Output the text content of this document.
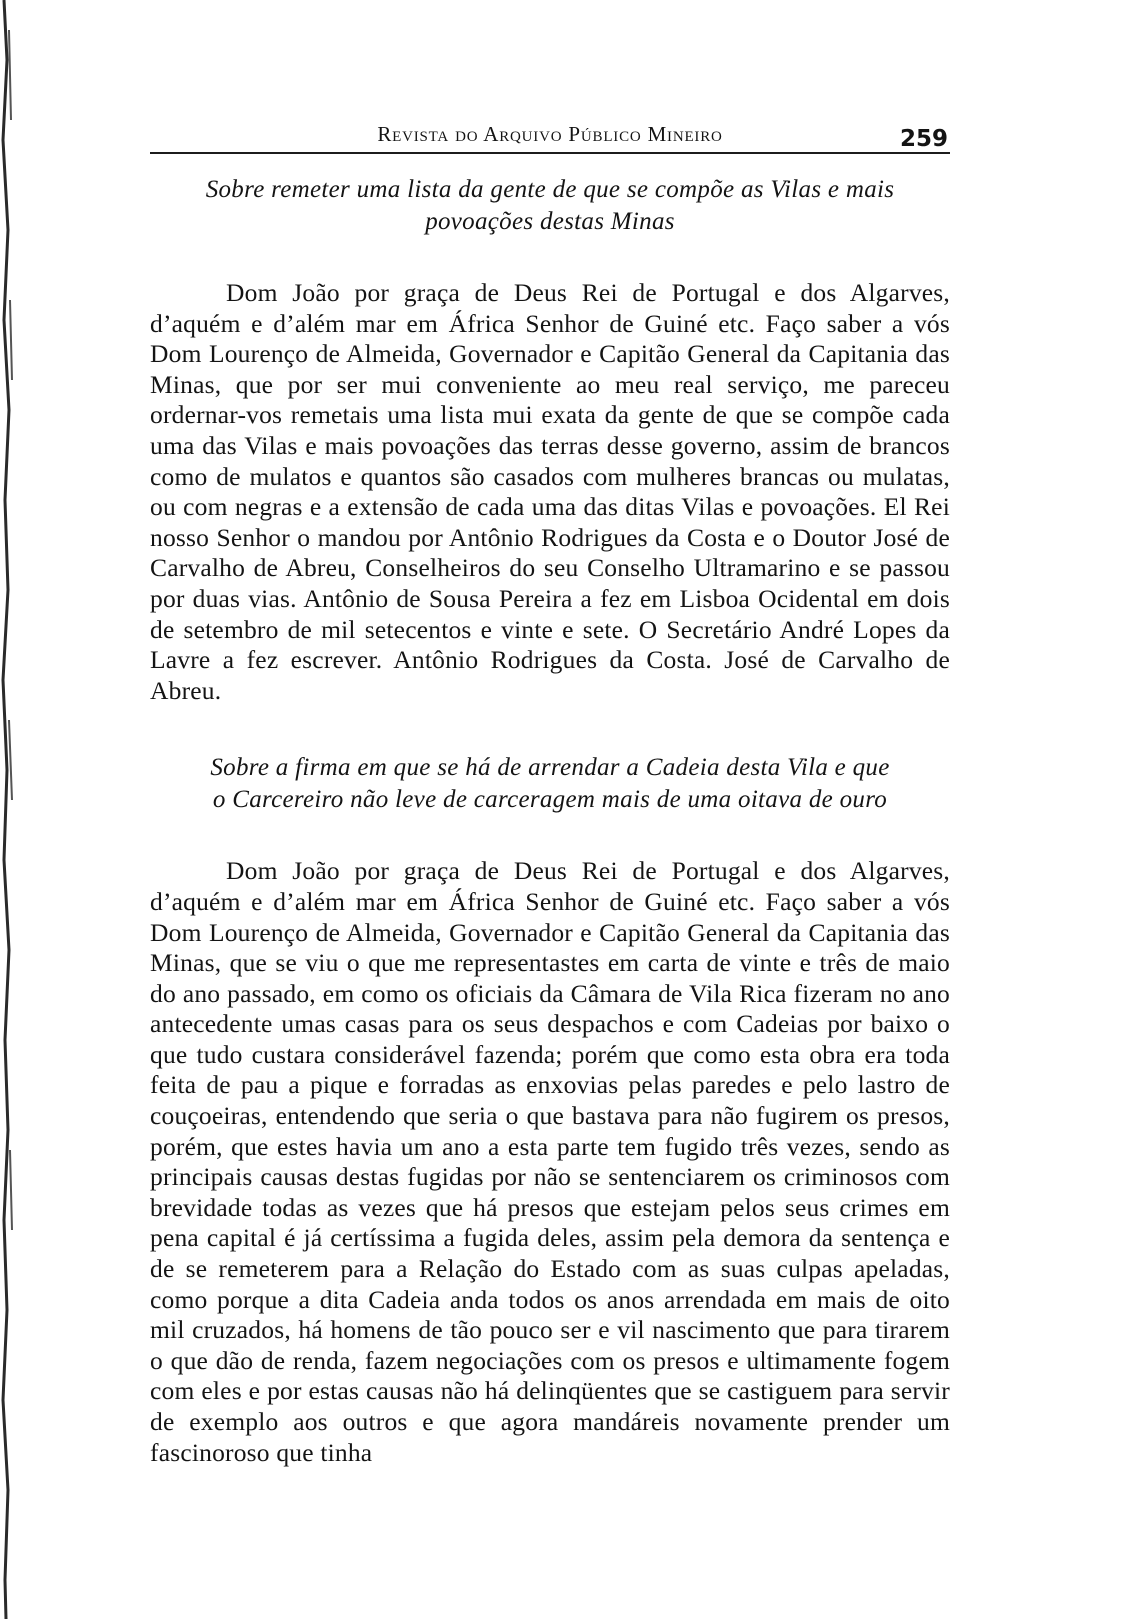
Revista do Arquivo Público Mineiro	259
Sobre remeter uma lista da gente de que se compõe as Vilas e mais
povoações destas Minas

Dom João por graça de Deus Rei de Portugal e dos Algarves, d’aquém e d’além mar em África Senhor de Guiné etc. Faço saber a vós Dom Lourenço de Almeida, Governador e Capitão General da Capitania das Minas, que por ser mui conveniente ao meu real serviço, me pareceu ordernar-vos remetais uma lista mui exata da gente de que se compõe cada uma das Vilas e mais povoações das terras desse governo, assim de brancos como de mulatos e quantos são casados com mulheres brancas ou mulatas, ou com negras e a extensão de cada uma das ditas Vilas e povoações. El Rei nosso Senhor o mandou por Antônio Rodrigues da Costa e o Doutor José de Carvalho de Abreu, Conselheiros do seu Conselho Ultramarino e se passou por duas vias. Antônio de Sousa Pereira a fez em Lisboa Ocidental em dois de setembro de mil setecentos e vinte e sete. O Secretário André Lopes da Lavre a fez escrever. Antônio Rodrigues da Costa. José de Carvalho de Abreu.

Sobre a firma em que se há de arrendar a Cadeia desta Vila e que
o Carcereiro não leve de carceragem mais de uma oitava de ouro

Dom João por graça de Deus Rei de Portugal e dos Algarves, d’aquém e d’além mar em África Senhor de Guiné etc. Faço saber a vós Dom Lourenço de Almeida, Governador e Capitão General da Capitania das Minas, que se viu o que me representastes em carta de vinte e três de maio do ano passado, em como os oficiais da Câmara de Vila Rica fizeram no ano antecedente umas casas para os seus despachos e com Cadeias por baixo o que tudo custara considerável fazenda; porém que como esta obra era toda feita de pau a pique e forradas as enxovias pelas paredes e pelo lastro de couçoeiras, entendendo que seria o que bastava para não fugirem os presos, porém, que estes havia um ano a esta parte tem fugido três vezes, sendo as principais causas destas fugidas por não se sentenciarem os criminosos com brevidade todas as vezes que há presos que estejam pelos seus crimes em pena capital é já certíssima a fugida deles, assim pela demora da sentença e de se remeterem para a Relação do Estado com as suas culpas apeladas, como porque a dita Cadeia anda todos os anos arrendada em mais de oito mil cruzados, há homens de tão pouco ser e vil nascimento que para tirarem o que dão de renda, fazem negociações com os presos e ultimamente fogem com eles e por estas causas não há delinqüentes que se castiguem para servir de exemplo aos outros e que agora mandáreis novamente prender um fascinoroso que tinha
